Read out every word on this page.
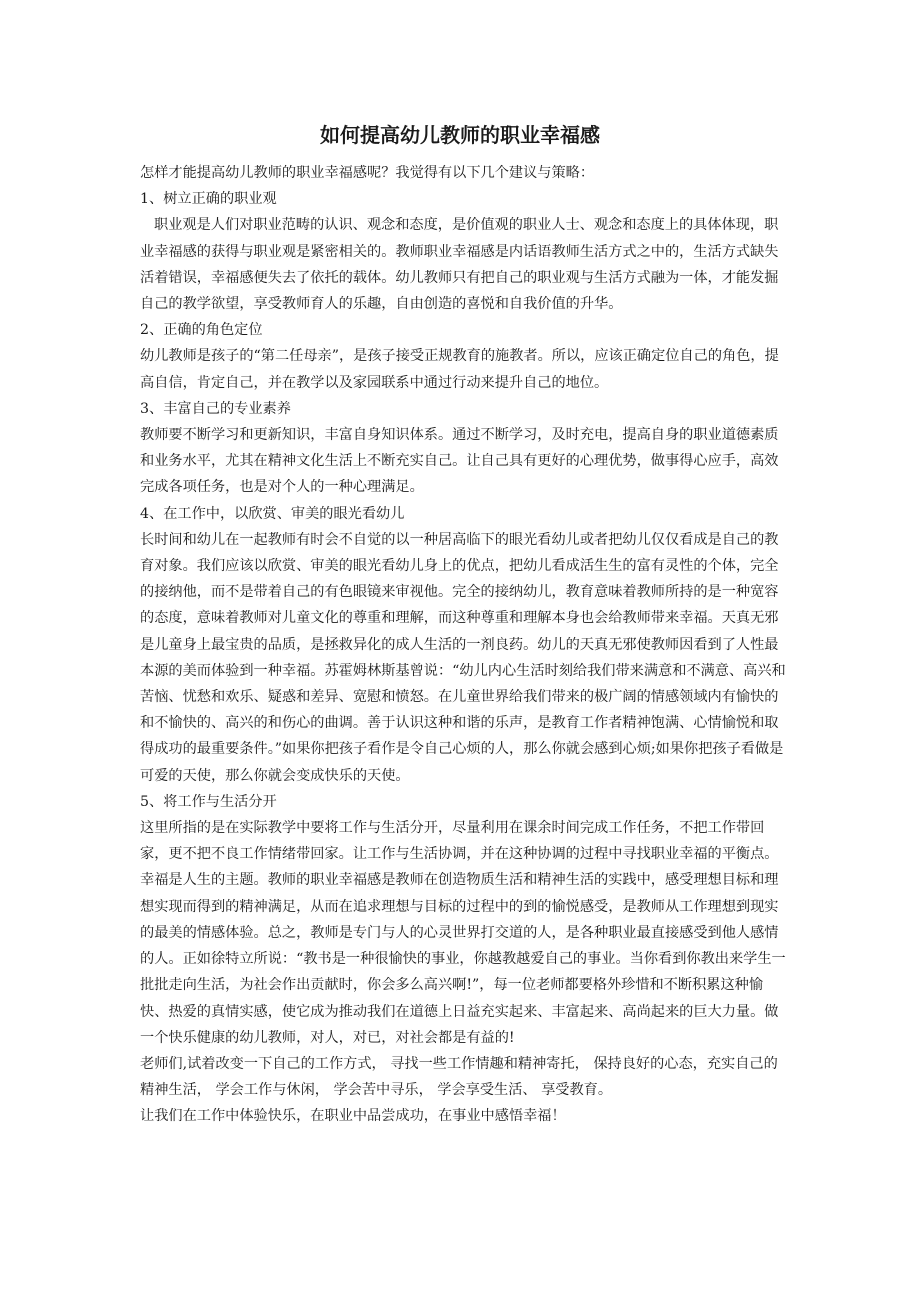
如何提高幼儿教师的职业幸福感

怎样才能提高幼儿教师的职业幸福感呢？我觉得有以下几个建议与策略：

1、树立正确的职业观

职业观是人们对职业范畴的认识、观念和态度，是价值观的职业人士、观念和态度上的具体体现，职业幸福感的获得与职业观是紧密相关的。教师职业幸福感是内话语教师生活方式之中的，生活方式缺失活着错误，幸福感便失去了依托的载体。幼儿教师只有把自己的职业观与生活方式融为一体，才能发掘自己的教学欲望，享受教师育人的乐趣，自由创造的喜悦和自我价值的升华。

2、正确的角色定位

幼儿教师是孩子的“第二任母亲”，是孩子接受正规教育的施教者。所以，应该正确定位自己的角色，提高自信，肯定自己，并在教学以及家园联系中通过行动来提升自己的地位。

3、丰富自己的专业素养

教师要不断学习和更新知识，丰富自身知识体系。通过不断学习，及时充电，提高自身的职业道德素质和业务水平，尤其在精神文化生活上不断充实自己。让自己具有更好的心理优势，做事得心应手，高效完成各项任务，也是对个人的一种心理满足。

4、在工作中，以欣赏、审美的眼光看幼儿

长时间和幼儿在一起教师有时会不自觉的以一种居高临下的眼光看幼儿或者把幼儿仅仅看成是自己的教育对象。我们应该以欣赏、审美的眼光看幼儿身上的优点，把幼儿看成活生生的富有灵性的个体，完全的接纳他，而不是带着自己的有色眼镜来审视他。完全的接纳幼儿，教育意味着教师所持的是一种宽容的态度，意味着教师对儿童文化的尊重和理解，而这种尊重和理解本身也会给教师带来幸福。天真无邪是儿童身上最宝贵的品质，是拯救异化的成人生活的一剂良药。幼儿的天真无邪使教师因看到了人性最本源的美而体验到一种幸福。苏霍姆林斯基曾说：“幼儿内心生活时刻给我们带来满意和不满意、高兴和苦恼、忧愁和欢乐、疑惑和差异、宽慰和愤怒。在儿童世界给我们带来的极广阔的情感领域内有愉快的和不愉快的、高兴的和伤心的曲调。善于认识这种和谐的乐声，是教育工作者精神饱满、心情愉悦和取得成功的最重要条件。”如果你把孩子看作是令自己心烦的人，那么你就会感到心烦;如果你把孩子看做是可爱的天使，那么你就会变成快乐的天使。

5、将工作与生活分开

这里所指的是在实际教学中要将工作与生活分开，尽量利用在课余时间完成工作任务，不把工作带回家，更不把不良工作情绪带回家。让工作与生活协调，并在这种协调的过程中寻找职业幸福的平衡点。

幸福是人生的主题。教师的职业幸福感是教师在创造物质生活和精神生活的实践中，感受理想目标和理想实现而得到的精神满足，从而在追求理想与目标的过程中的到的愉悦感受，是教师从工作理想到现实的最美的情感体验。总之，教师是专门与人的心灵世界打交道的人，是各种职业最直接感受到他人感情的人。正如徐特立所说：“教书是一种很愉快的事业，你越教越爱自己的事业。当你看到你教出来学生一批批走向生活，为社会作出贡献时，你会多么高兴啊!”，每一位老师都要格外珍惜和不断积累这种愉快、热爱的真情实感，使它成为推动我们在道德上日益充实起来、丰富起来、高尚起来的巨大力量。做一个快乐健康的幼儿教师，对人，对已，对社会都是有益的!

老师们,试着改变一下自己的工作方式， 寻找一些工作情趣和精神寄托， 保持良好的心态，充实自己的精神生活， 学会工作与休闲， 学会苦中寻乐， 学会享受生活、 享受教育。

让我们在工作中体验快乐，在职业中品尝成功，在事业中感悟幸福！
